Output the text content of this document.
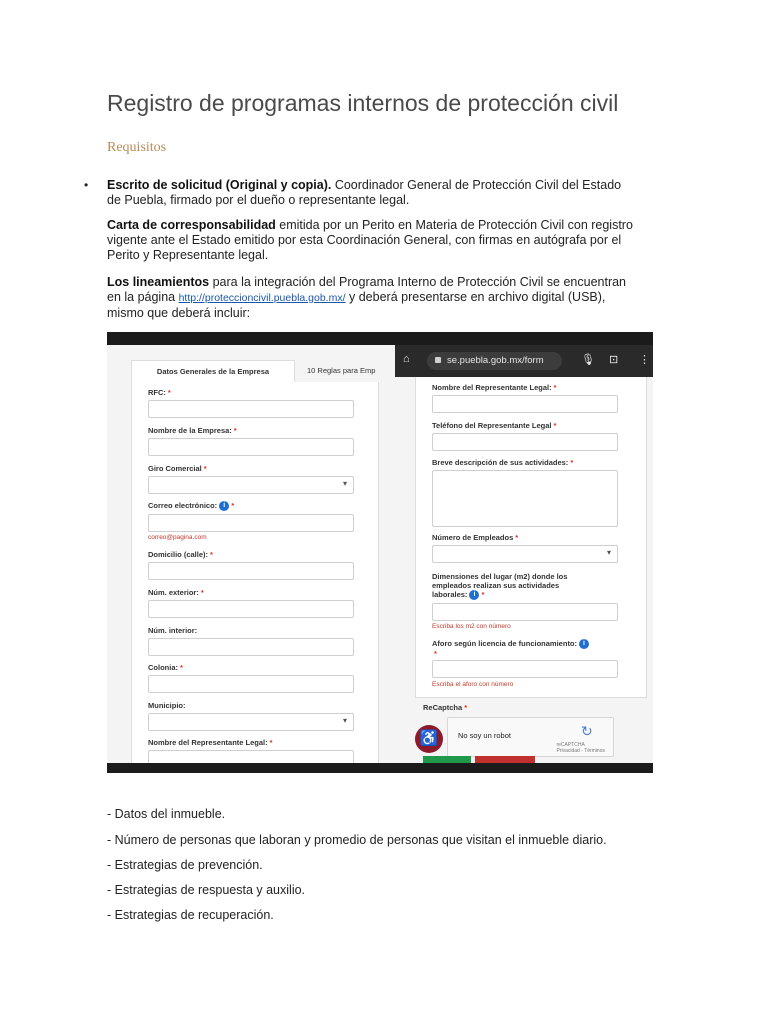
Registro de programas internos de protección civil
Requisitos
• Escrito de solicitud (Original y copia). Coordinador General de Protección Civil del Estado
de Puebla, firmado por el dueño o representante legal.

Carta de corresponsabilidad emitida por un Perito en Materia de Protección Civil con registro
vigente ante el Estado emitido por esta Coordinación General, con firmas en autógrafa por el
Perito y Representante legal.

Los lineamientos para la integración del Programa Interno de Protección Civil se encuentran
en la página http://proteccioncivil.puebla.gob.mx/ y deberá presentarse en archivo digital (USB),
mismo que deberá incluir:

⌂	se.puebla.gob.mx/form	🎙 ⊡ ⋮
Datos Generales de la Empresa	10 Reglas para Emp
RFC: *
Nombre de la Empresa: *
Giro Comercial *
▾
Correo electrónico: i *
correo@pagina.com
Domicilio (calle): *
Núm. exterior: *
Núm. interior:
Colonia: *
Municipio:
▾
Nombre del Representante Legal: *
Nombre del Representante Legal: *
Teléfono del Representante Legal *
Breve descripción de sus actividades: *
Número de Empleados *
▾
Dimensiones del lugar (m2) donde los
empleados realizan sus actividades
laborales: i *
Escriba los m2 con número
Aforo según licencia de funcionamiento: i
*
Escriba el aforo con número
ReCaptcha *
No soy un robot	↻
reCAPTCHA
Privacidad - Términos
♿

- Datos del inmueble.

- Número de personas que laboran y promedio de personas que visitan el inmueble diario.

- Estrategias de prevención.

- Estrategias de respuesta y auxilio.

- Estrategias de recuperación.
